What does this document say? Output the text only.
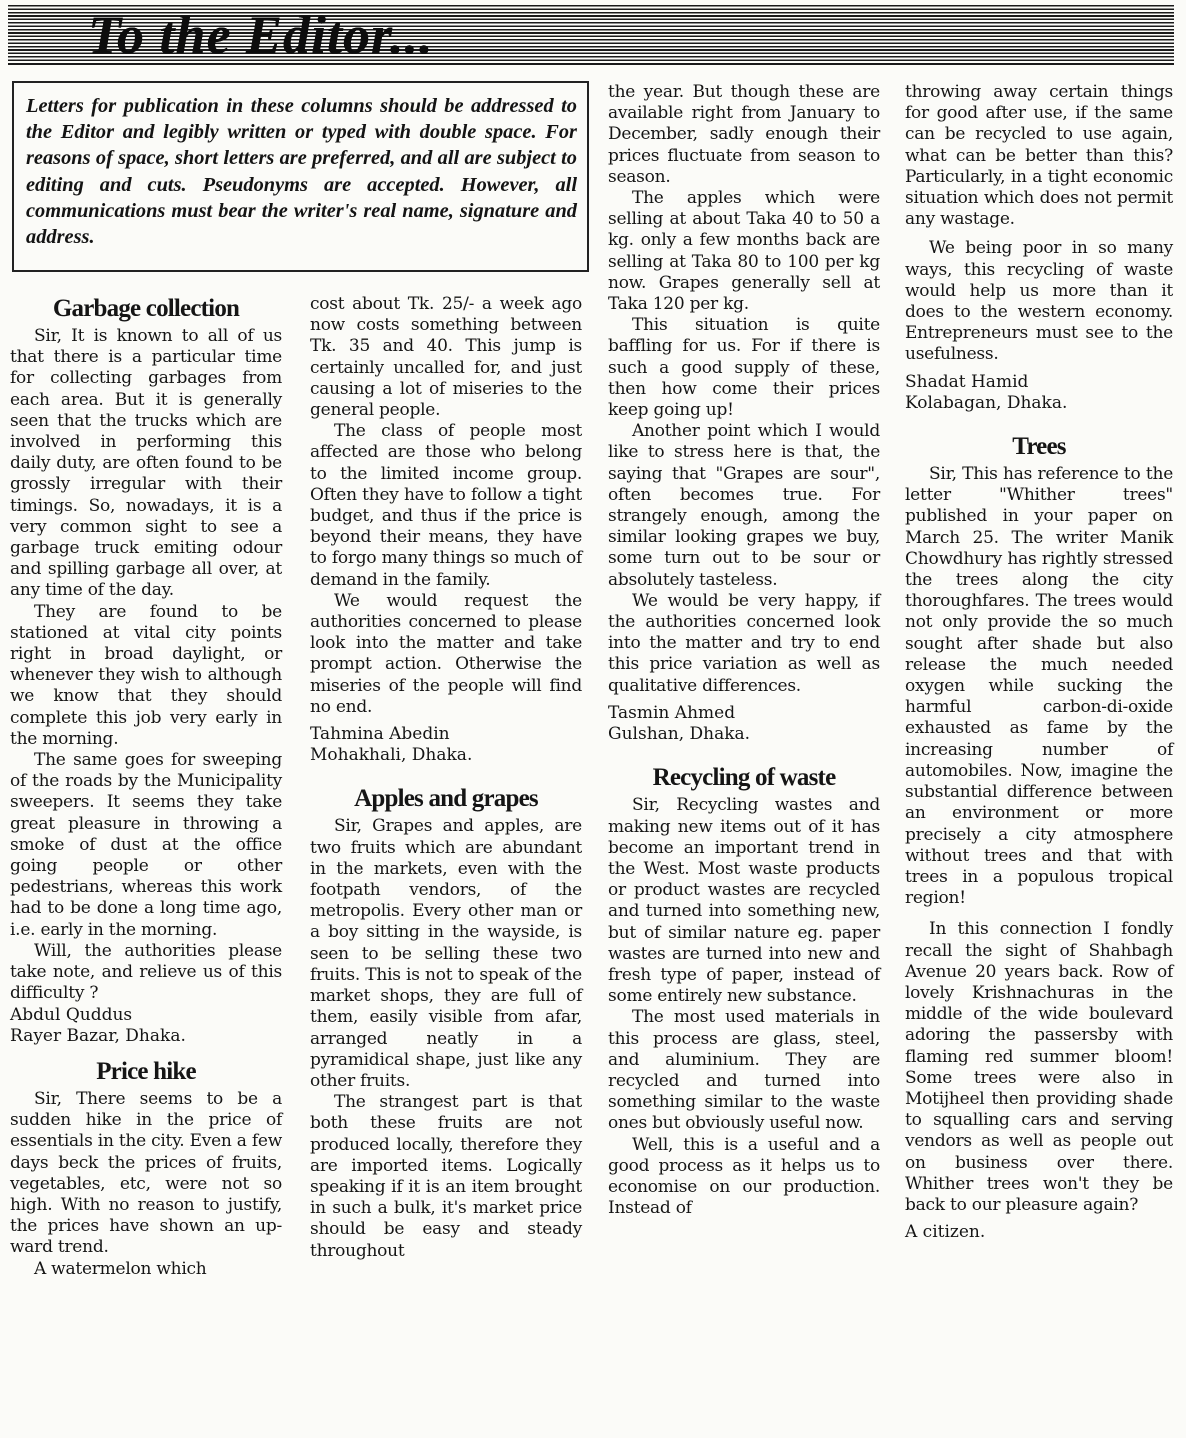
To the Editor...
Letters for publication in these columns should be addressed to the Editor and legibly written or typed with double space. For reasons of space, short letters are preferred, and all are subject to editing and cuts. Pseudonyms are accepted. However, all communications must bear the writer's real name, signature and address.
Garbage collection

Sir, It is known to all of us that there is a particular time for collecting garbages from each area. But it is generally seen that the trucks which are involved in performing this daily duty, are often found to be grossly irregular with their timings. So, nowadays, it is a very common sight to see a garbage truck emiting odour and spilling garbage all over, at any time of the day.

They are found to be stationed at vital city points right in broad daylight, or whenever they wish to although we know that they should complete this job very early in the morning.

The same goes for sweeping of the roads by the Municipality sweepers. It seems they take great pleasure in throwing a smoke of dust at the office going people or other pedestrians, whereas this work had to be done a long time ago, i.e. early in the morning.

Will, the authorities please take note, and relieve us of this difficulty ?

Abdul Quddus

Rayer Bazar, Dhaka.

Price hike

Sir, There seems to be a sudden hike in the price of essentials in the city. Even a few days beck the prices of fruits, vegetables, etc, were not so high. With no reason to justify, the prices have shown an up-ward trend.

A watermelon which

cost about Tk. 25/- a week ago now costs something between Tk. 35 and 40. This jump is certainly uncalled for, and just causing a lot of miseries to the general people.

The class of people most affected are those who belong to the limited income group. Often they have to follow a tight budget, and thus if the price is beyond their means, they have to forgo many things so much of demand in the family.

We would request the authorities concerned to please look into the matter and take prompt action. Otherwise the miseries of the people will find no end.

Tahmina Abedin

Mohakhali, Dhaka.

Apples and grapes

Sir, Grapes and apples, are two fruits which are abundant in the markets, even with the footpath vendors, of the metropolis. Every other man or a boy sitting in the wayside, is seen to be selling these two fruits. This is not to speak of the market shops, they are full of them, easily visible from afar, arranged neatly in a pyramidical shape, just like any other fruits.

The strangest part is that both these fruits are not produced locally, therefore they are imported items. Logically speaking if it is an item brought in such a bulk, it's market price should be easy and steady throughout

the year. But though these are available right from January to December, sadly enough their prices fluctuate from season to season.

The apples which were selling at about Taka 40 to 50 a kg. only a few months back are selling at Taka 80 to 100 per kg now. Grapes generally sell at Taka 120 per kg.

This situation is quite baffling for us. For if there is such a good supply of these, then how come their prices keep going up!

Another point which I would like to stress here is that, the saying that "Grapes are sour", often becomes true. For strangely enough, among the similar looking grapes we buy, some turn out to be sour or absolutely tasteless.

We would be very happy, if the authorities concerned look into the matter and try to end this price variation as well as qualitative differences.

Tasmin Ahmed

Gulshan, Dhaka.

Recycling of waste

Sir, Recycling wastes and making new items out of it has become an important trend in the West. Most waste products or product wastes are recycled and turned into something new, but of similar nature eg. paper wastes are turned into new and fresh type of paper, instead of some entirely new substance.

The most used materials in this process are glass, steel, and aluminium. They are recycled and turned into something similar to the waste ones but obviously useful now.

Well, this is a useful and a good process as it helps us to economise on our production. Instead of

throwing away certain things for good after use, if the same can be recycled to use again, what can be better than this? Particularly, in a tight economic situation which does not permit any wastage.

We being poor in so many ways, this recycling of waste would help us more than it does to the western economy. Entrepreneurs must see to the usefulness.

Shadat Hamid

Kolabagan, Dhaka.

Trees

Sir, This has reference to the letter "Whither trees" published in your paper on March 25. The writer Manik Chowdhury has rightly stressed the trees along the city thoroughfares. The trees would not only provide the so much sought after shade but also release the much needed oxygen while sucking the harmful carbon-di-oxide exhausted as fame by the increasing number of automobiles. Now, imagine the substantial difference between an environment or more precisely a city atmosphere without trees and that with trees in a populous tropical region!

In this connection I fondly recall the sight of Shahbagh Avenue 20 years back. Row of lovely Krishnachuras in the middle of the wide boulevard adoring the passersby with flaming red summer bloom! Some trees were also in Motijheel then providing shade to squalling cars and serving vendors as well as people out on business over there. Whither trees won't they be back to our pleasure again?

A citizen.
